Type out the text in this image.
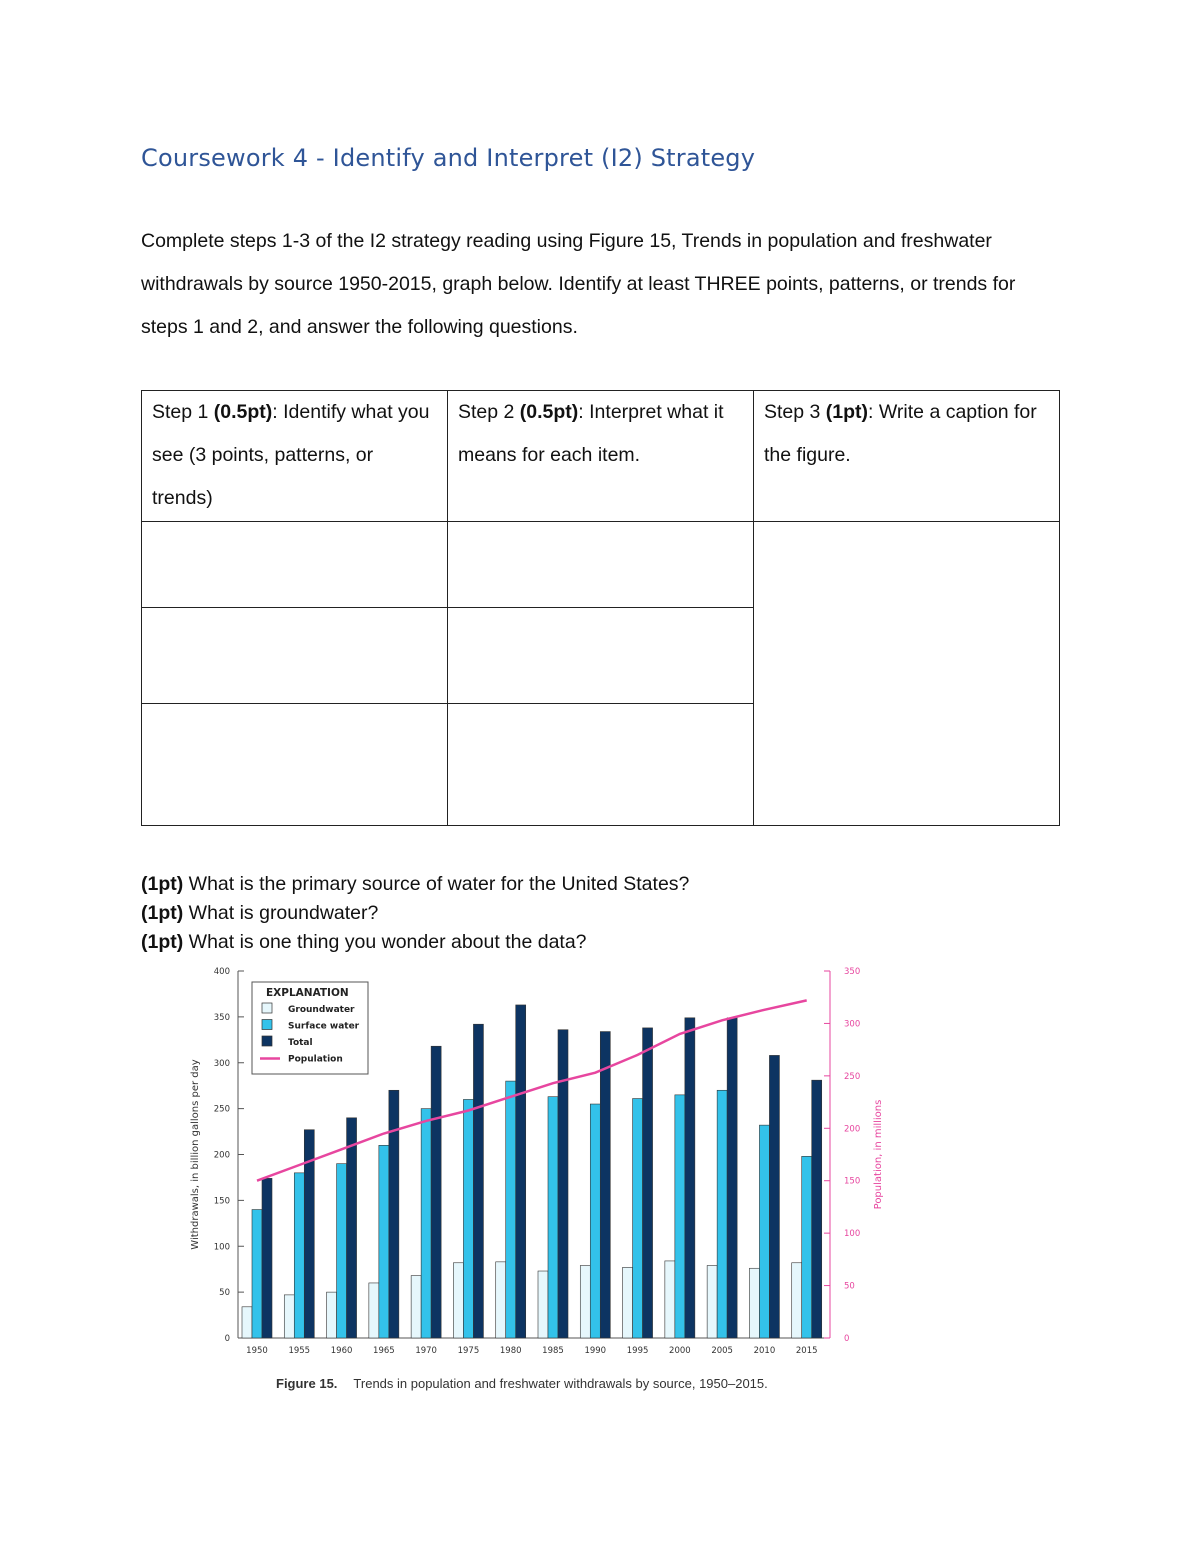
Coursework 4 - Identify and Interpret (I2) Strategy

Complete steps 1-3 of the I2 strategy reading using Figure 15, Trends in population and freshwater withdrawals by source 1950-2015, graph below. Identify at least THREE points, patterns, or trends for steps 1 and 2, and answer the following questions.

Step 1 (0.5pt): Identify what you see (3 points, patterns, or trends)	Step 2 (0.5pt): Interpret what it means for each item.	Step 3 (1pt): Write a caption for the figure.

(1pt) What is the primary source of water for the United States?
(1pt) What is groundwater?
(1pt) What is one thing you wonder about the data?
0
50
100
150
200
250
300
350
400
0
50
100
150
200
250
300
350
1950 1955 1960 1965 1970 1975 1980 1985 1990 1995 2000 2005 2010 2015
Withdrawals, in billion gallons per day	Population, in millions
EXPLANATION
Groundwater
Surface water
Total
Population
Figure 15. Trends in population and freshwater withdrawals by source, 1950–2015.
